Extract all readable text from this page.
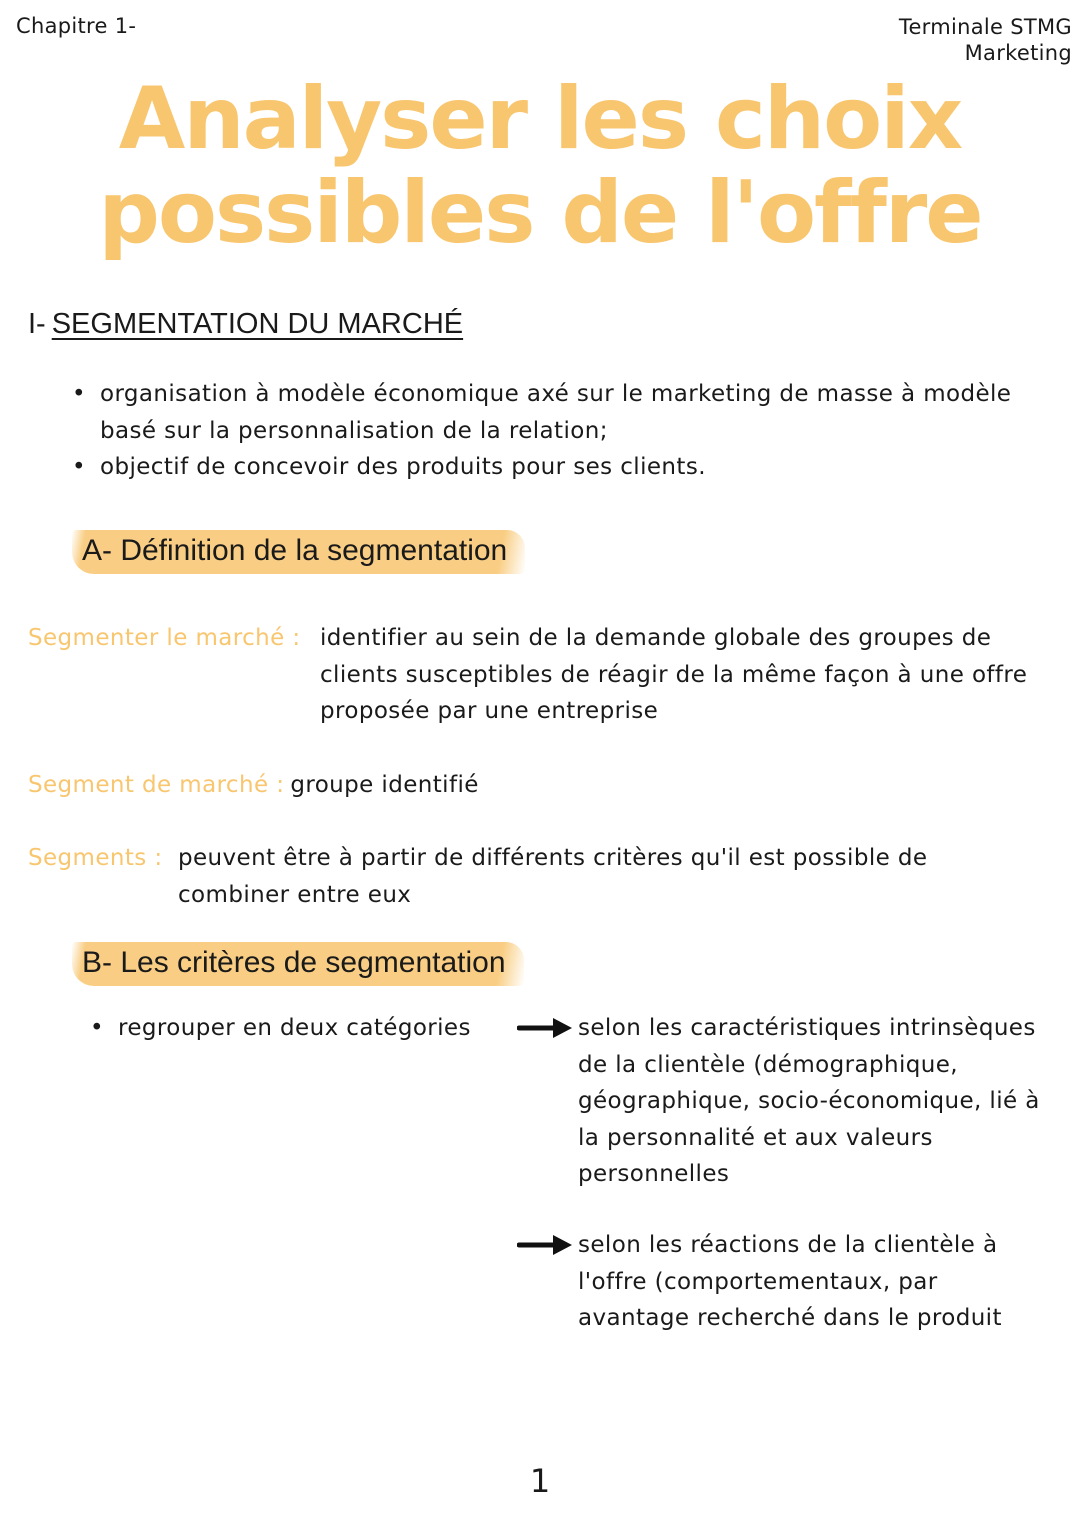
Chapitre 1-	Terminale STMG
Marketing
Analyser les choix
possibles de l'offre
I- SEGMENTATION DU MARCHÉ
• organisation à modèle économique axé sur le marketing de masse à modèle basé sur la personnalisation de la relation;
• objectif de concevoir des produits pour ses clients.
A- Définition de la segmentation
Segmenter le marché : identifier au sein de la demande globale des groupes de clients susceptibles de réagir de la même façon à une offre proposée par une entreprise
Segment de marché : groupe identifié
Segments : peuvent être à partir de différents critères qu'il est possible de combiner entre eux
B- Les critères de segmentation
• regrouper en deux catégories	selon les caractéristiques intrinsèques de la clientèle (démographique, géographique, socio-économique, lié à la personnalité et aux valeurs personnelles
selon les réactions de la clientèle à l'offre (comportementaux, par avantage recherché dans le produit
1
